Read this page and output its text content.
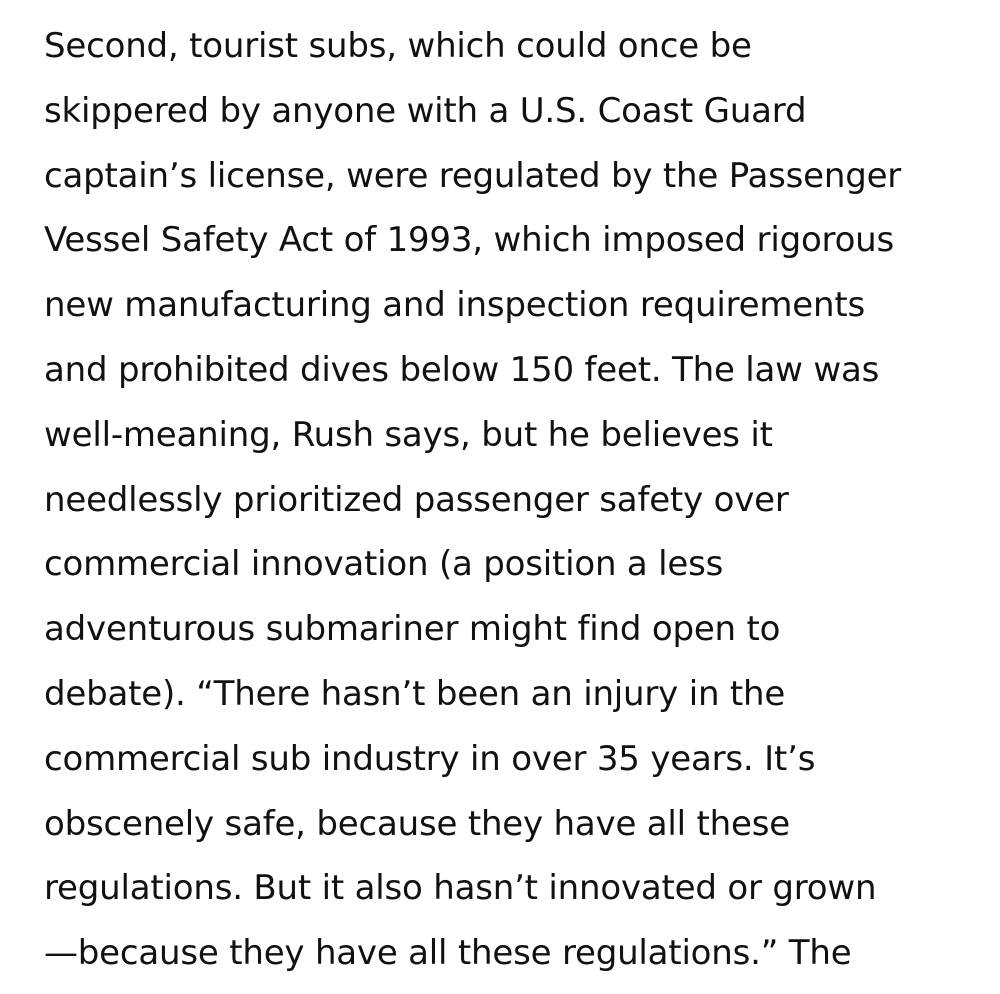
Second, tourist subs, which could once be
skippered by anyone with a U.S. Coast Guard
captain’s license, were regulated by the Passenger
Vessel Safety Act of 1993, which imposed rigorous
new manufacturing and inspection requirements
and prohibited dives below 150 feet. The law was
well-meaning, Rush says, but he believes it
needlessly prioritized passenger safety over
commercial innovation (a position a less
adventurous submariner might find open to
debate). “There hasn’t been an injury in the
commercial sub industry in over 35 years. It’s
obscenely safe, because they have all these
regulations. But it also hasn’t innovated or grown
—because they have all these regulations.” The
